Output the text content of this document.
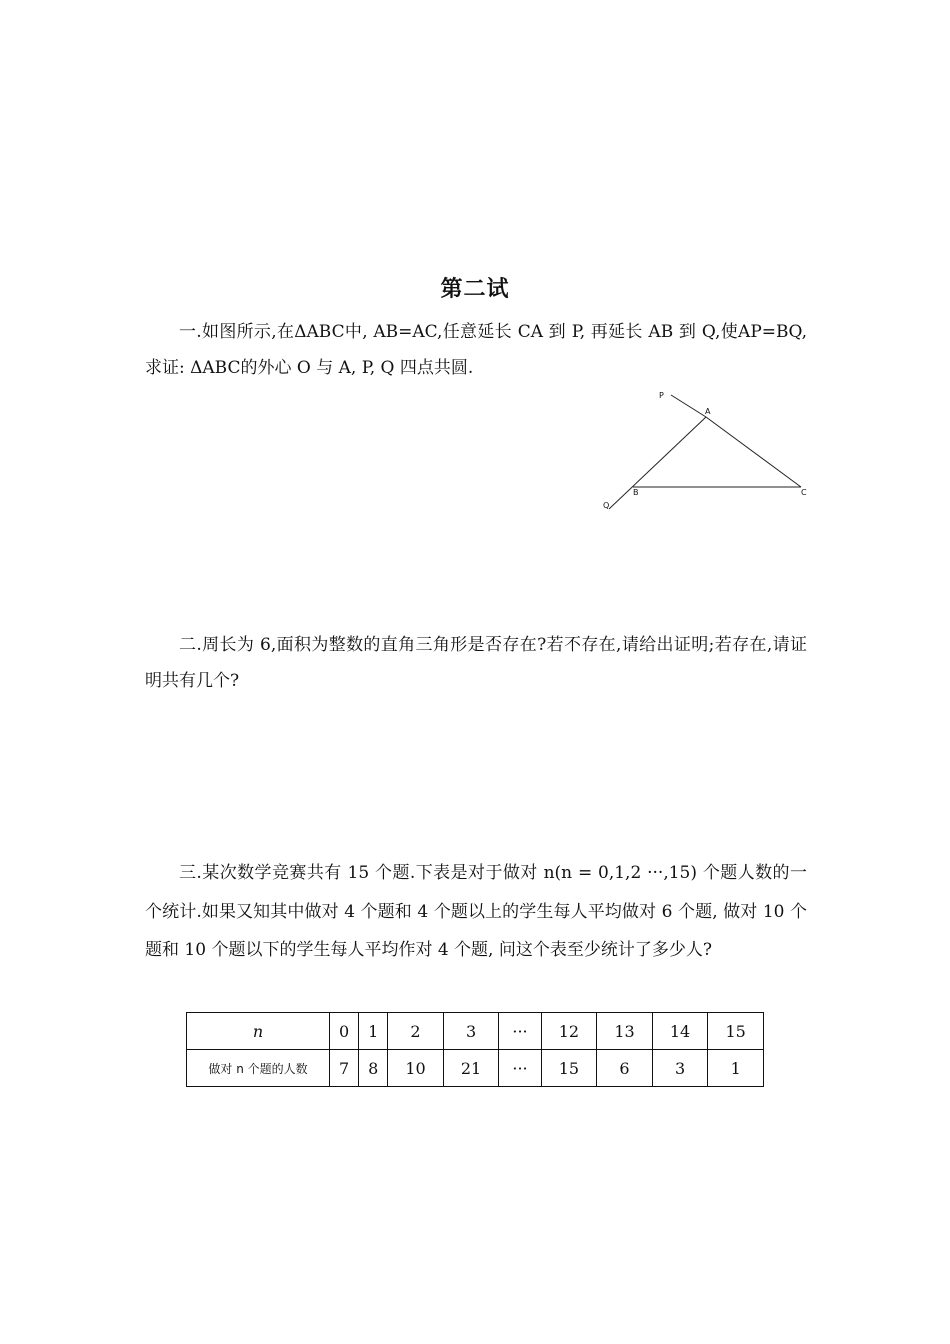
第二试
一.如图所示,在ΔABC中, AB=AC,任意延长 CA 到 P, 再延长 AB 到 Q,使AP=BQ,求证: ΔABC的外心 O 与 A, P, Q 四点共圆.
P
A
B	C
Q
二.周长为 6,面积为整数的直角三角形是否存在?若不存在,请给出证明;若存在,请证明共有几个?
三.某次数学竞赛共有 15 个题.下表是对于做对 n(n = 0,1,2 ···,15) 个题人数的一个统计.如果又知其中做对 4 个题和 4 个题以上的学生每人平均做对 6 个题, 做对 10 个题和 10 个题以下的学生每人平均作对 4 个题, 问这个表至少统计了多少人?
n	0	1	2	3	···	12	13	14	15
做对 n 个题的人数	7	8	10	21	···	15	6	3	1
